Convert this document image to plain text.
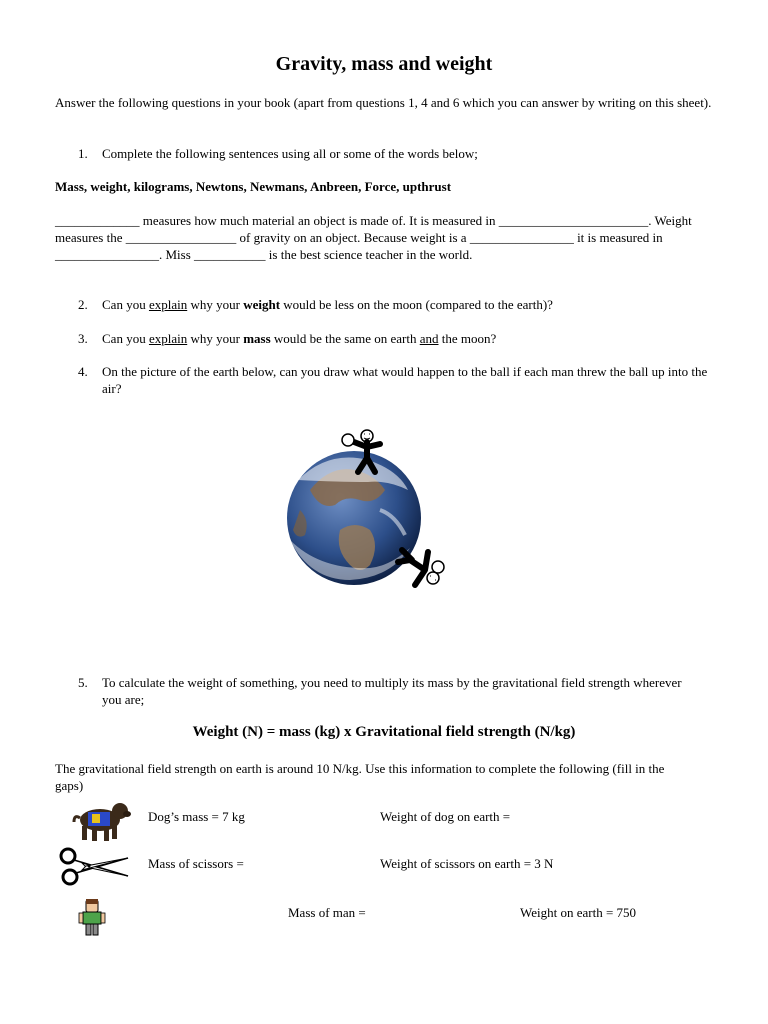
Gravity, mass and weight
Answer the following questions in your book (apart from questions 1, 4 and 6 which you can answer by writing on this sheet).
1. Complete the following sentences using all or some of the words below;
Mass, weight, kilograms, Newtons, Newmans, Anbreen, Force, upthrust
_____________ measures how much material an object is made of. It is measured in _______________________. Weight measures the _________________ of gravity on an object. Because weight is a ________________ it is measured in ________________. Miss ___________ is the best science teacher in the world.
2. Can you explain why your weight would be less on the moon (compared to the earth)?
3. Can you explain why your mass would be the same on earth and the moon?
4. On the picture of the earth below, can you draw what would happen to the ball if each man threw the ball up into the air?
5. To calculate the weight of something, you need to multiply its mass by the gravitational field strength wherever you are;
Weight (N) = mass (kg) x Gravitational field strength (N/kg)
The gravitational field strength on earth is around 10 N/kg. Use this information to complete the following (fill in the gaps)
Dog’s mass = 7 kg	Weight of dog on earth =
Mass of scissors =	Weight of scissors on earth = 3 N
Mass of man =	Weight on earth = 750
